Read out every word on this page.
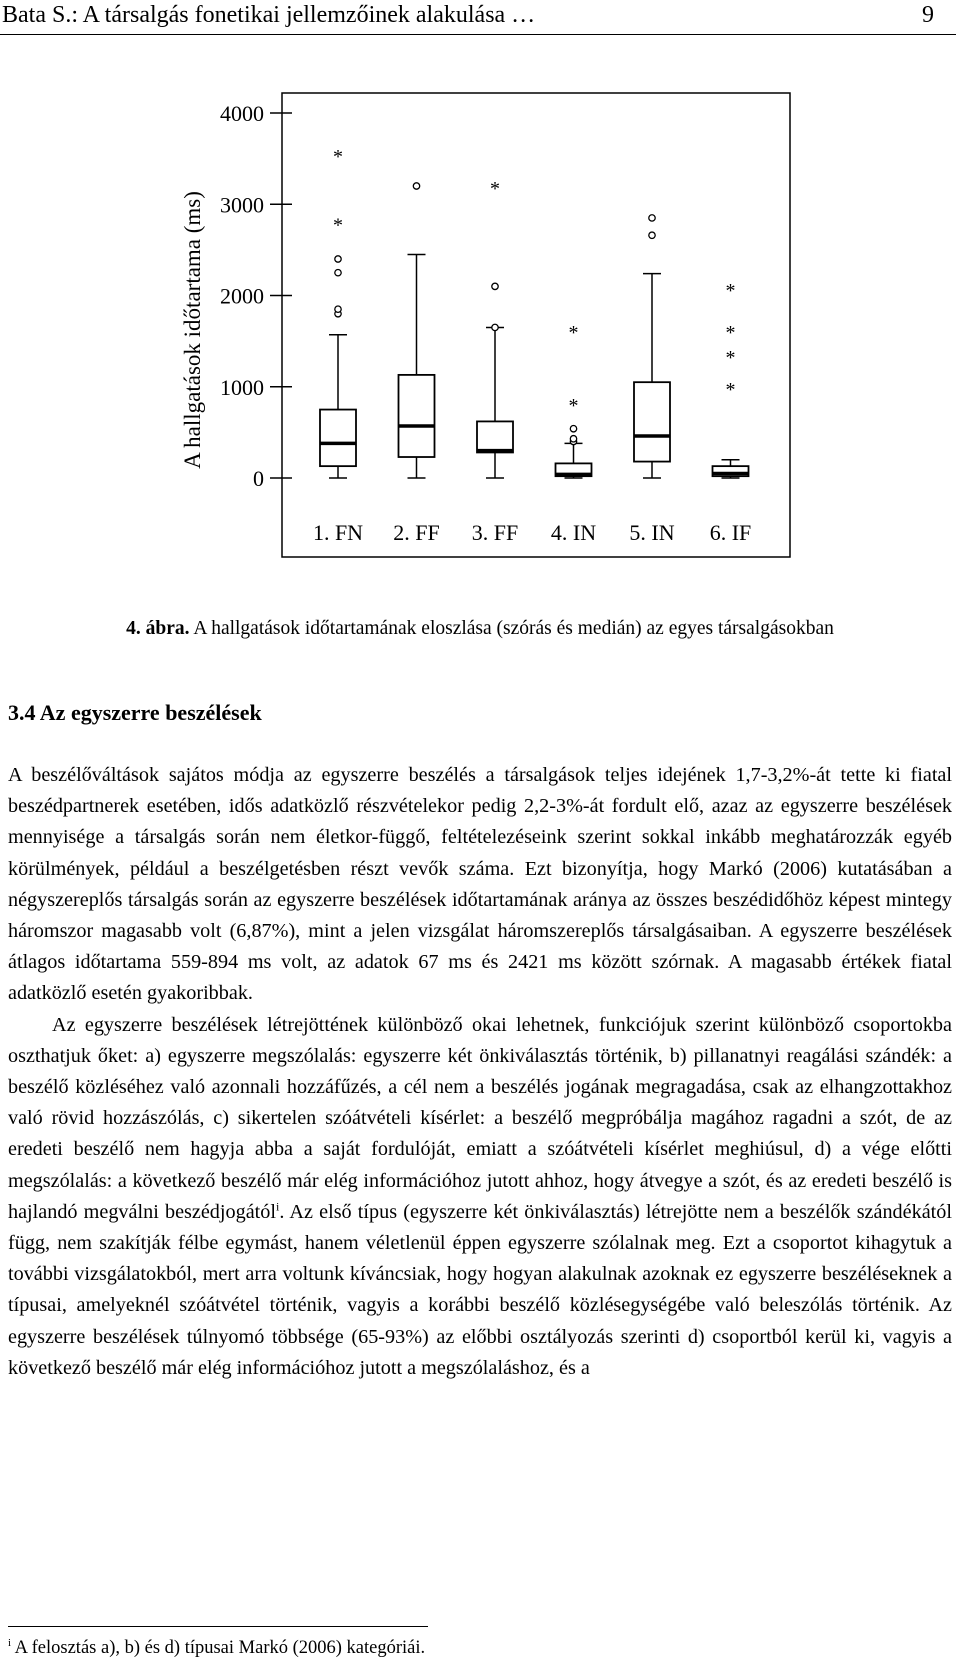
Bata S.: A társalgás fonetikai jellemzőinek alakulása …	9
A hallgatások időtartama (ms)
0
1000
2000
3000
4000
*
*
*
*
*
*
*
*
*
1. FN 2. FF 3. FF 4. IN 5. IN 6. IF
4. ábra. A hallgatások időtartamának eloszlása (szórás és medián) az egyes társalgásokban
3.4 Az egyszerre beszélések

A beszélőváltások sajátos módja az egyszerre beszélés a társalgások teljes idejének 1,7-3,2%-át tette ki fiatal beszédpartnerek esetében, idős adatközlő részvételekor pedig 2,2-3%-át fordult elő, azaz az egyszerre beszélések mennyisége a társalgás során nem életkor-függő, feltételezéseink szerint sokkal inkább meghatározzák egyéb körülmények, például a beszélgetésben részt vevők száma. Ezt bizonyítja, hogy Markó (2006) kutatásában a négyszereplős társalgás során az egyszerre beszélések időtartamának aránya az összes beszédidőhöz képest mintegy háromszor magasabb volt (6,87%), mint a jelen vizsgálat háromszereplős társalgásaiban. A egyszerre beszélések átlagos időtartama 559-894 ms volt, az adatok 67 ms és 2421 ms között szórnak. A magasabb értékek fiatal adatközlő esetén gyakoribbak.

Az egyszerre beszélések létrejöttének különböző okai lehetnek, funkciójuk szerint különböző csoportokba oszthatjuk őket: a) egyszerre megszólalás: egyszerre két önkiválasztás történik, b) pillanatnyi reagálási szándék: a beszélő közléséhez való azonnali hozzáfűzés, a cél nem a beszélés jogának megragadása, csak az elhangzottakhoz való rövid hozzászólás, c) sikertelen szóátvételi kísérlet: a beszélő megpróbálja magához ragadni a szót, de az eredeti beszélő nem hagyja abba a saját fordulóját, emiatt a szóátvételi kísérlet meghiúsul, d) a vége előtti megszólalás: a következő beszélő már elég információhoz jutott ahhoz, hogy átvegye a szót, és az eredeti beszélő is hajlandó megválni beszédjogától$^i$. Az első típus (egyszerre két önkiválasztás) létrejötte nem a beszélők szándékától függ, nem szakítják félbe egymást, hanem véletlenül éppen egyszerre szólalnak meg. Ezt a csoportot kihagytuk a további vizsgálatokból, mert arra voltunk kíváncsiak, hogy hogyan alakulnak azoknak ez egyszerre beszéléseknek a típusai, amelyeknél szóátvétel történik, vagyis a korábbi beszélő közlésegységébe való beleszólás történik. Az egyszerre beszélések túlnyomó többsége (65-93%) az előbbi osztályozás szerinti d) csoportból kerül ki, vagyis a következő beszélő már elég információhoz jutott a megszólaláshoz, és a

$^i$ A felosztás a), b) és d) típusai Markó (2006) kategóriái.
